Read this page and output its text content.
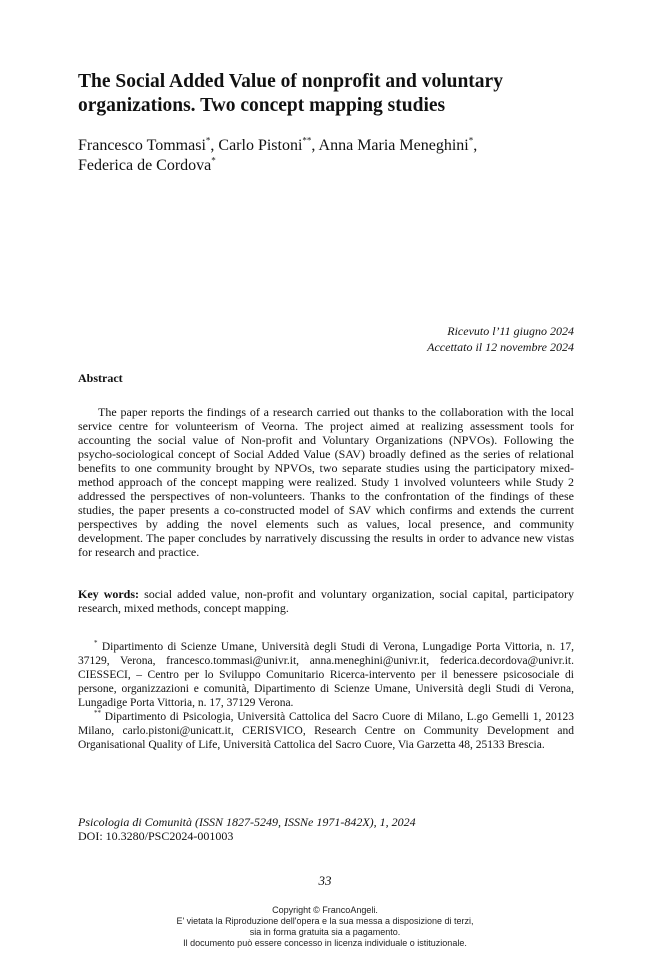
The Social Added Value of nonprofit and voluntary organizations. Two concept mapping studies
Francesco Tommasi*, Carlo Pistoni**, Anna Maria Meneghini*,
Federica de Cordova*
Ricevuto l’11 giugno 2024
Accettato il 12 novembre 2024
Abstract

The paper reports the findings of a research carried out thanks to the collaboration with the local service centre for volunteerism of Veorna. The project aimed at realizing assessment tools for accounting the social value of Non-profit and Voluntary Organizations (NPVOs). Following the psycho-sociological concept of Social Added Value (SAV) broadly defined as the series of relational benefits to one community brought by NPVOs, two separate studies using the participatory mixed-method approach of the concept mapping were realized. Study 1 involved volunteers while Study 2 addressed the perspectives of non-volunteers. Thanks to the confrontation of the findings of these studies, the paper presents a co-constructed model of SAV which confirms and extends the current perspectives by adding the novel elements such as values, local presence, and community development. The paper concludes by narratively discussing the results in order to advance new vistas for research and practice.

Key words: social added value, non-profit and voluntary organization, social capital, participatory research, mixed methods, concept mapping.

* Dipartimento di Scienze Umane, Università degli Studi di Verona, Lungadige Porta Vittoria, n. 17, 37129, Verona, francesco.tommasi@univr.it, anna.meneghini@univr.it, federica.decordova@univr.it. CIESSECI, – Centro per lo Sviluppo Comunitario Ricerca-intervento per il benessere psicosociale di persone, organizzazioni e comunità, Dipartimento di Scienze Umane, Università degli Studi di Verona, Lungadige Porta Vittoria, n. 17, 37129 Verona.

** Dipartimento di Psicologia, Università Cattolica del Sacro Cuore di Milano, L.go Gemelli 1, 20123 Milano, carlo.pistoni@unicatt.it, CERISVICO, Research Centre on Community Development and Organisational Quality of Life, Università Cattolica del Sacro Cuore, Via Garzetta 48, 25133 Brescia.

Psicologia di Comunità (ISSN 1827-5249, ISSNe 1971-842X), 1, 2024
DOI: 10.3280/PSC2024-001003
33
Copyright © FrancoAngeli.
E' vietata la Riproduzione dell'opera e la sua messa a disposizione di terzi,
sia in forma gratuita sia a pagamento.
Il documento può essere concesso in licenza individuale o istituzionale.
